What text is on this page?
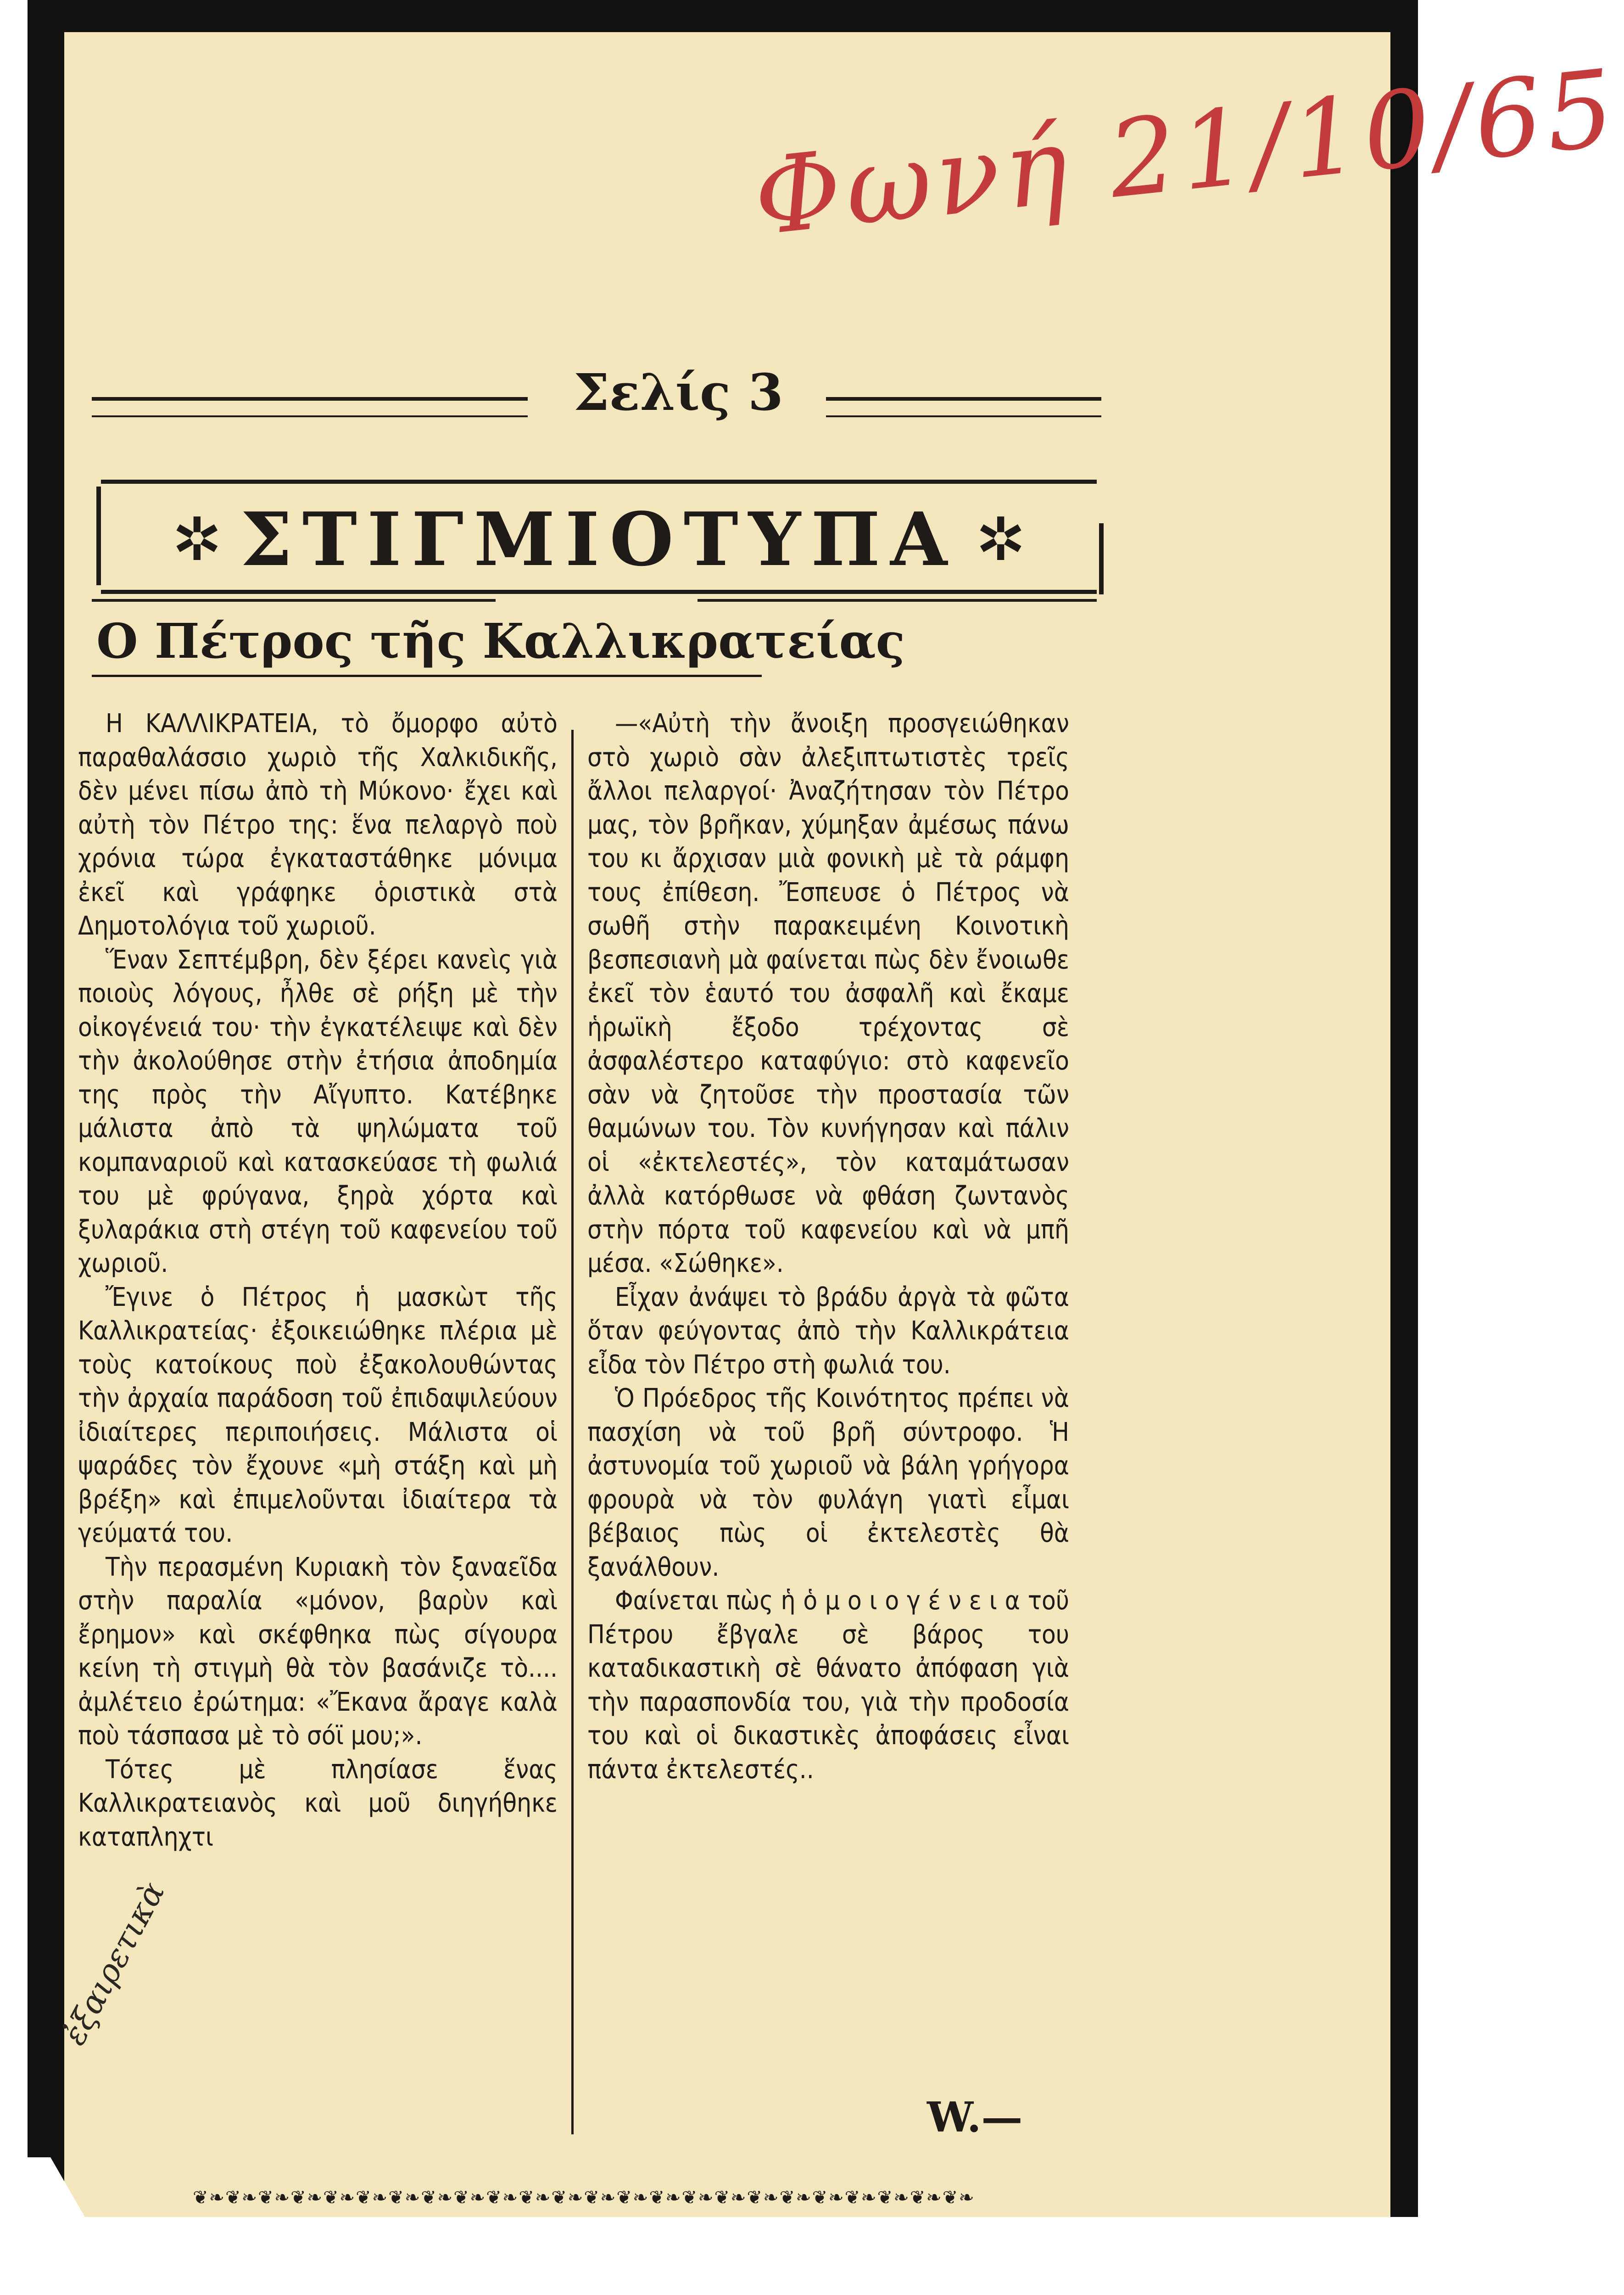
Φωνή 21/10/65
Σελίς 3
✲ ΣΤΙΓΜΙΟΤΥΠΑ ✲
Ο Πέτρος τῆς Καλλικρατείας

Η ΚΑΛΛΙΚΡΑΤΕΙΑ, τὸ ὄμορφο αὐτὸ παραθαλάσσιο χωριὸ τῆς Χαλκιδικῆς, δὲν μένει πίσω ἀπὸ τὴ Μύκονο· ἔχει καὶ αὐτὴ τὸν Πέτρο της: ἕνα πελαργὸ ποὺ χρόνια τώρα ἐγκαταστάθηκε μόνιμα ἐκεῖ καὶ γράφηκε ὁριστικὰ στὰ Δημοτολόγια τοῦ χωριοῦ.

Ἕναν Σεπτέμβρη, δὲν ξέρει κανεὶς γιὰ ποιοὺς λόγους, ἦλθε σὲ ρήξη μὲ τὴν οἰκογένειά του· τὴν ἐγκατέλειψε καὶ δὲν τὴν ἀκολούθησε στὴν ἐτήσια ἀποδημία της πρὸς τὴν Αἴγυπτο. Κατέβηκε μάλιστα ἀπὸ τὰ ψηλώματα τοῦ κομπαναριοῦ καὶ κατασκεύασε τὴ φωλιά του μὲ φρύγανα, ξηρὰ χόρτα καὶ ξυλαράκια στὴ στέγη τοῦ καφενείου τοῦ χωριοῦ.

Ἔγινε ὁ Πέτρος ἡ μασκὼτ τῆς Καλλικρατείας· ἐξοικειώθηκε πλέρια μὲ τοὺς κατοίκους ποὺ ἐξακολουθώντας τὴν ἀρχαία παράδοση τοῦ ἐπιδαψιλεύουν ἰδιαίτερες περιποιήσεις. Μάλιστα οἱ ψαράδες τὸν ἔχουνε «μὴ στάξη καὶ μὴ βρέξη» καὶ ἐπιμελοῦνται ἰδιαίτερα τὰ γεύματά του.

Τὴν περασμένη Κυριακὴ τὸν ξαναεῖδα στὴν παραλία «μόνον, βαρὺν καὶ ἔρημον» καὶ σκέφθηκα πὼς σίγουρα κείνη τὴ στιγμὴ θὰ τὸν βασάνιζε τὸ.... ἀμλέτειο ἐρώτημα: «Ἔκανα ἄραγε καλὰ ποὺ τάσπασα μὲ τὸ σόϊ μου;».

Τότες μὲ πλησίασε ἕνας Καλλικρατειανὸς καὶ μοῦ διηγήθηκε καταπληχτι

—«Αὐτὴ τὴν ἄνοιξη προσγειώθηκαν στὸ χωριὸ σὰν ἀλεξιπτωτιστὲς τρεῖς ἄλλοι πελαργοί· Ἀναζήτησαν τὸν Πέτρο μας, τὸν βρῆκαν, χύμηξαν ἀμέσως πάνω του κι ἄρχισαν μιὰ φονικὴ μὲ τὰ ράμφη τους ἐπίθεση. Ἔσπευσε ὁ Πέτρος νὰ σωθῆ στὴν παρακειμένη Κοινοτικὴ βεσπεσιανὴ μὰ φαίνεται πὼς δὲν ἔνοιωθε ἐκεῖ τὸν ἑαυτό του ἀσφαλῆ καὶ ἔκαμε ἡρωϊκὴ ἔξοδο τρέχοντας σὲ ἀσφαλέστερο καταφύγιο: στὸ καφενεῖο σὰν νὰ ζητοῦσε τὴν προστασία τῶν θαμώνων του. Τὸν κυνήγησαν καὶ πάλιν οἱ «ἐκτελεστές», τὸν καταμάτωσαν ἀλλὰ κατόρθωσε νὰ φθάση ζωντανὸς στὴν πόρτα τοῦ καφενείου καὶ νὰ μπῆ μέσα. «Σώθηκε».

Εἶχαν ἀνάψει τὸ βράδυ ἀργὰ τὰ φῶτα ὅταν φεύγοντας ἀπὸ τὴν Καλλικράτεια εἶδα τὸν Πέτρο στὴ φωλιά του.

Ὁ Πρόεδρος τῆς Κοινότητος πρέπει νὰ πασχίση νὰ τοῦ βρῆ σύντροφο. Ἡ ἀστυνομία τοῦ χωριοῦ νὰ βάλη γρήγορα φρουρὰ νὰ τὸν φυλάγη γιατὶ εἶμαι βέβαιος πὼς οἱ ἐκτελεστὲς θὰ ξανάλθουν.

Φαίνεται πὼς ἡ ὁ μ ο ι ο γ έ ν ε ι α τοῦ Πέτρου ἔβγαλε σὲ βάρος του καταδικαστικὴ σὲ θάνατο ἀπόφαση γιὰ τὴν παρασπονδία του, γιὰ τὴν προδοσία του καὶ οἱ δικαστικὲς ἀποφάσεις εἶναι πάντα ἐκτελεστές..

W.—
❦❧❦❧❦❧❦❧❦❧❦❧❦❧❦❧❦❧❦❧❦❧❦❧❦❧❦❧❦❧❦❧❦❧❦❧❦❧❦❧❦❧❦❧❦❧❦❧
ἐξαιρετικὰ
